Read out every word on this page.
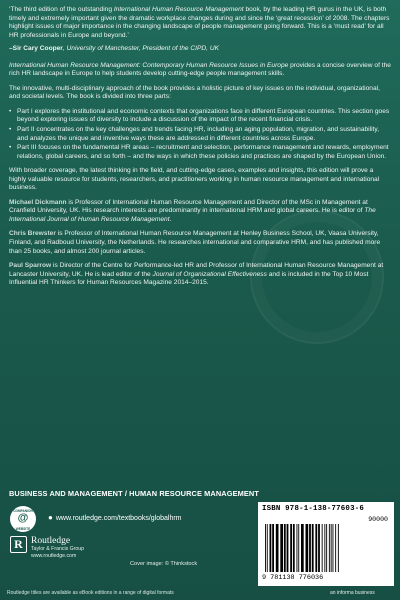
‘The third edition of the outstanding International Human Resource Management book, by the leading HR gurus in the UK, is both timely and extremely important given the dramatic workplace changes during and since the ‘great recession’ of 2008. The chapters highlight issues of major importance in the changing landscape of people management going forward. This is a ‘must read’ for all HR professionals in Europe and beyond.’

–Sir Cary Cooper, University of Manchester, President of the CIPD, UK

International Human Resource Management: Contemporary Human Resource Issues in Europe provides a concise overview of the rich HR landscape in Europe to help students develop cutting-edge people management skills.

The innovative, multi-disciplinary approach of the book provides a holistic picture of key issues on the individual, organizational, and societal levels. The book is divided into three parts:

• Part I explores the institutional and economic contexts that organizations face in different European countries. This section goes beyond exploring issues of diversity to include a discussion of the impact of the recent financial crisis.
• Part II concentrates on the key challenges and trends facing HR, including an aging population, migration, and sustainability, and analyzes the unique and inventive ways these are addressed in different countries across Europe.
• Part III focuses on the fundamental HR areas – recruitment and selection, performance management and rewards, employment relations, global careers, and so forth – and the ways in which these policies and practices are shaped by the European Union.

With broader coverage, the latest thinking in the field, and cutting-edge cases, examples and insights, this edition will prove a highly valuable resource for students, researchers, and practitioners working in human resource management and international business.

Michael Dickmann is Professor of International Human Resource Management and Director of the MSc in Management at Cranfield University, UK. His research interests are predominantly in international HRM and global careers. He is editor of The International Journal of Human Resource Management.

Chris Brewster is Professor of International Human Resource Management at Henley Business School, UK, Vaasa University, Finland, and Radboud University, the Netherlands. He researches international and comparative HRM, and has published more than 25 books, and almost 200 journal articles.

Paul Sparrow is Director of the Centre for Performance-led HR and Professor of International Human Resource Management at Lancaster University, UK. He is lead editor of the Journal of Organizational Effectiveness and is included in the Top 10 Most Influential HR Thinkers for Human Resources Magazine 2014–2015.

BUSINESS AND MANAGEMENT / HUMAN RESOURCE MANAGEMENT
COMPANION
@
WEBSITE
● www.routledge.com/textbooks/globalhrm
R Routledge
Taylor & Francis Group
www.routledge.com
Cover image: © Thinkstock
Routledge titles are available as eBook editions in a range of digital formats
ISBN 978-1-138-77603-6
90000
9 781138 776036
an informa business
